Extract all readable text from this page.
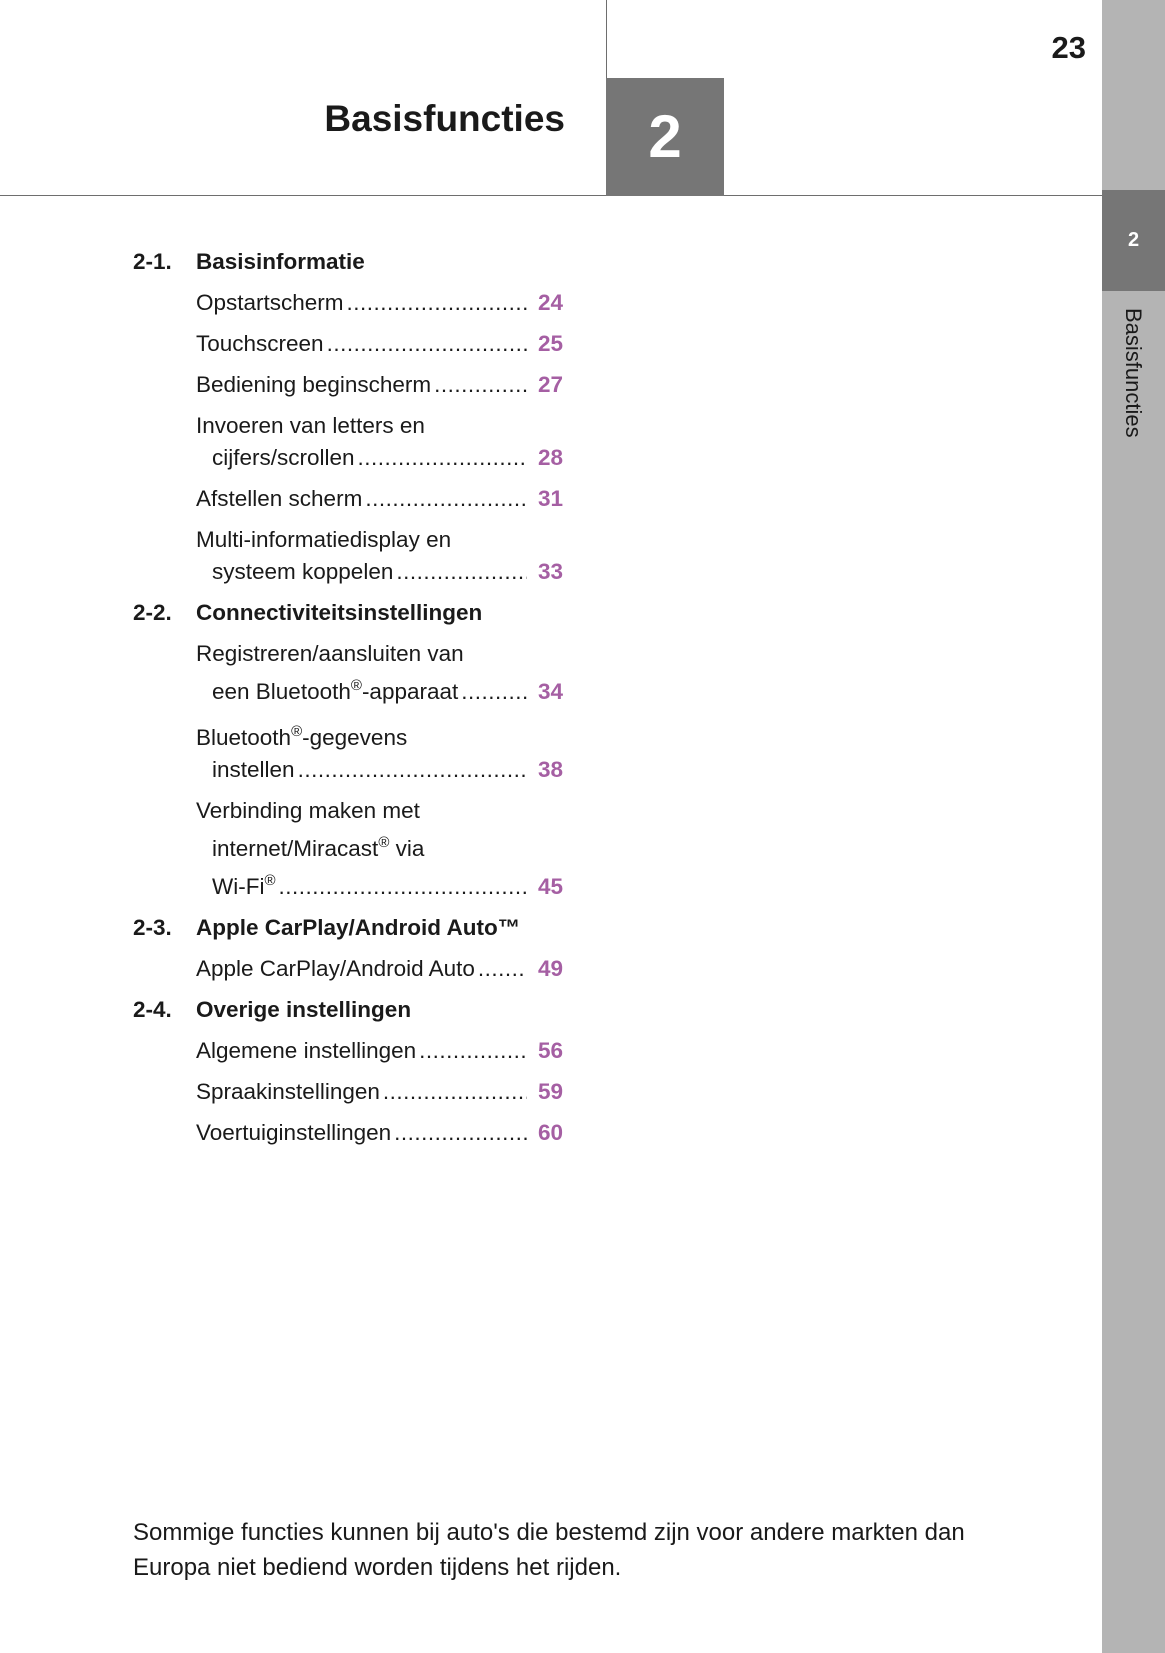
Basisfuncties	2
23
2
Basisfuncties
2-1.	Basisinformatie
Opstartscherm .....	24
Touchscreen .....	25
Bediening beginscherm .....	27
Invoeren van letters en
cijfers/scrollen .....	28
Afstellen scherm .....	31
Multi-informatiedisplay en
systeem koppelen .....	33
2-2.	Connectiviteitsinstellingen
Registreren/aansluiten van
een Bluetooth®-apparaat .....	34
Bluetooth®-gegevens
instellen .....	38
Verbinding maken met
internet/Miracast® via
Wi-Fi® .....	45
2-3.	Apple CarPlay/Android Auto™
Apple CarPlay/Android Auto .....	49
2-4.	Overige instellingen
Algemene instellingen .....	56
Spraakinstellingen .....	59
Voertuiginstellingen .....	60
Sommige functies kunnen bij auto's die bestemd zijn voor andere markten dan
Europa niet bediend worden tijdens het rijden.
